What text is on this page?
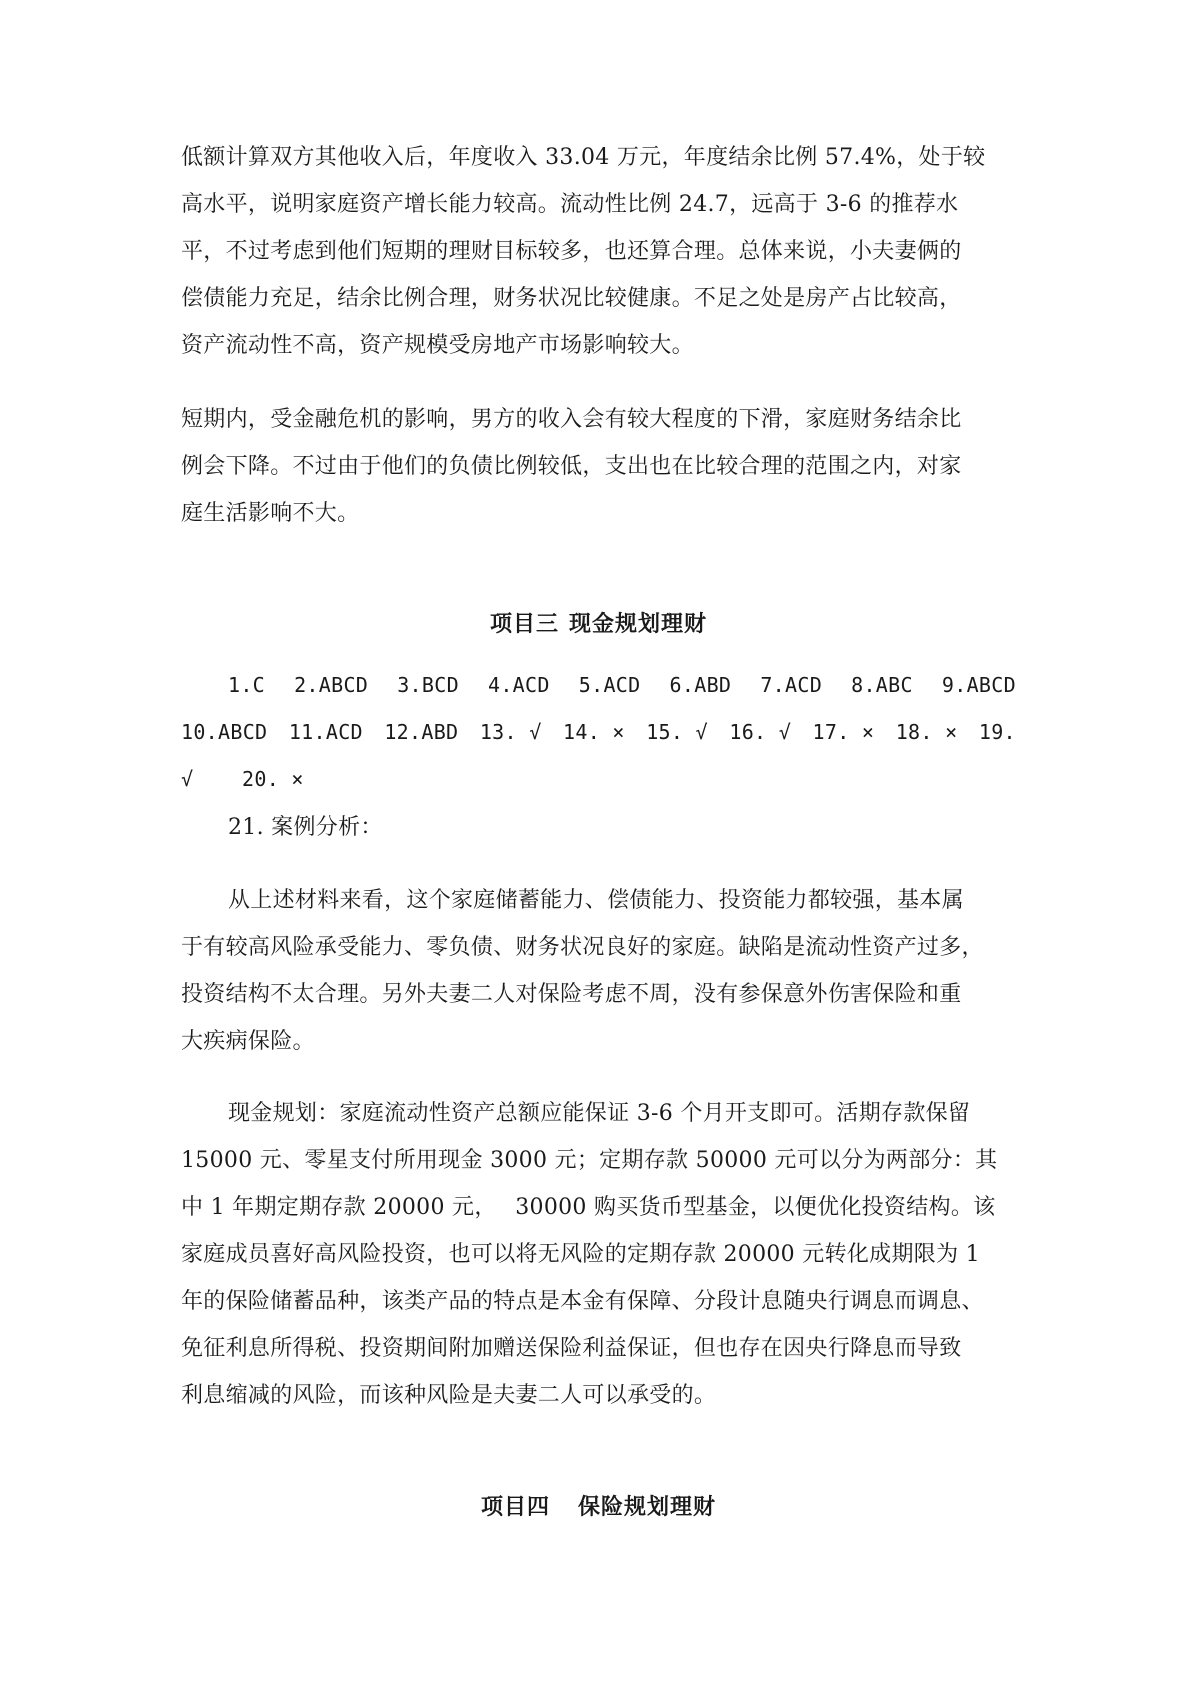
低额计算双方其他收入后，年度收入 33.04 万元，年度结余比例 57.4%，处于较
高水平，说明家庭资产增长能力较高。流动性比例 24.7，远高于 3-6 的推荐水
平，不过考虑到他们短期的理财目标较多，也还算合理。总体来说，小夫妻俩的
偿债能力充足，结余比例合理，财务状况比较健康。不足之处是房产占比较高，
资产流动性不高，资产规模受房地产市场影响较大。
短期内，受金融危机的影响，男方的收入会有较大程度的下滑，家庭财务结余比
例会下降。不过由于他们的负债比例较低，支出也在比较合理的范围之内，对家
庭生活影响不大。
项目三 现金规划理财
1.C 2.ABCD 3.BCD 4.ACD 5.ACD 6.ABD 7.ACD 8.ABC 9.ABCD
10.ABCD 11.ACD 12.ABD 13. √ 14. × 15. √ 16. √ 17. × 18. × 19.
√ 20. ×
21. 案例分析：
从上述材料来看，这个家庭储蓄能力、偿债能力、投资能力都较强，基本属
于有较高风险承受能力、零负债、财务状况良好的家庭。缺陷是流动性资产过多，
投资结构不太合理。另外夫妻二人对保险考虑不周，没有参保意外伤害保险和重
大疾病保险。
现金规划：家庭流动性资产总额应能保证 3-6 个月开支即可。活期存款保留
15000 元、零星支付所用现金 3000 元；定期存款 50000 元可以分为两部分：其
中 1 年期定期存款 20000 元，　 30000 购买货币型基金，以便优化投资结构。该
家庭成员喜好高风险投资，也可以将无风险的定期存款 20000 元转化成期限为 1
年的保险储蓄品种，该类产品的特点是本金有保障、分段计息随央行调息而调息、
免征利息所得税、投资期间附加赠送保险利益保证，但也存在因央行降息而导致
利息缩减的风险，而该种风险是夫妻二人可以承受的。
项目四 保险规划理财
